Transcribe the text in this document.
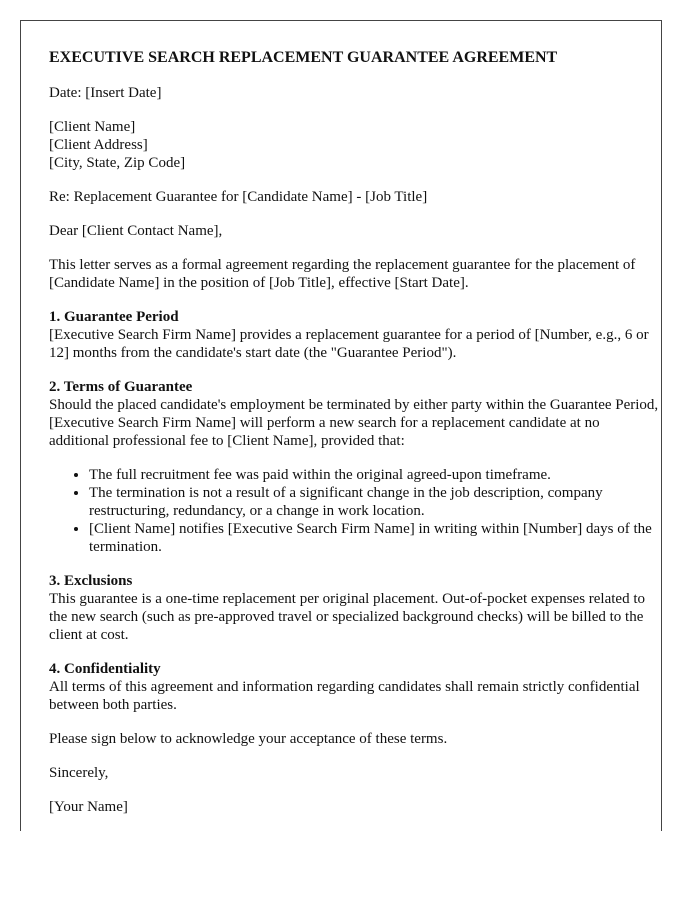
EXECUTIVE SEARCH REPLACEMENT GUARANTEE AGREEMENT

Date: [Insert Date]

[Client Name]
[Client Address]
[City, State, Zip Code]

Re: Replacement Guarantee for [Candidate Name] - [Job Title]

Dear [Client Contact Name],

This letter serves as a formal agreement regarding the replacement guarantee for the placement of [Candidate Name] in the position of [Job Title], effective [Start Date].

1. Guarantee Period
[Executive Search Firm Name] provides a replacement guarantee for a period of [Number, e.g., 6 or 12] months from the candidate's start date (the "Guarantee Period").
2. Terms of Guarantee
Should the placed candidate's employment be terminated by either party within the Guarantee Period, [Executive Search Firm Name] will perform a new search for a replacement candidate at no additional professional fee to [Client Name], provided that:
• The full recruitment fee was paid within the original agreed-upon timeframe.
• The termination is not a result of a significant change in the job description, company restructuring, redundancy, or a change in work location.
• [Client Name] notifies [Executive Search Firm Name] in writing within [Number] days of the termination.
3. Exclusions
This guarantee is a one-time replacement per original placement. Out-of-pocket expenses related to the new search (such as pre-approved travel or specialized background checks) will be billed to the client at cost.
4. Confidentiality
All terms of this agreement and information regarding candidates shall remain strictly confidential between both parties.

Please sign below to acknowledge your acceptance of these terms.

Sincerely,

[Your Name]
